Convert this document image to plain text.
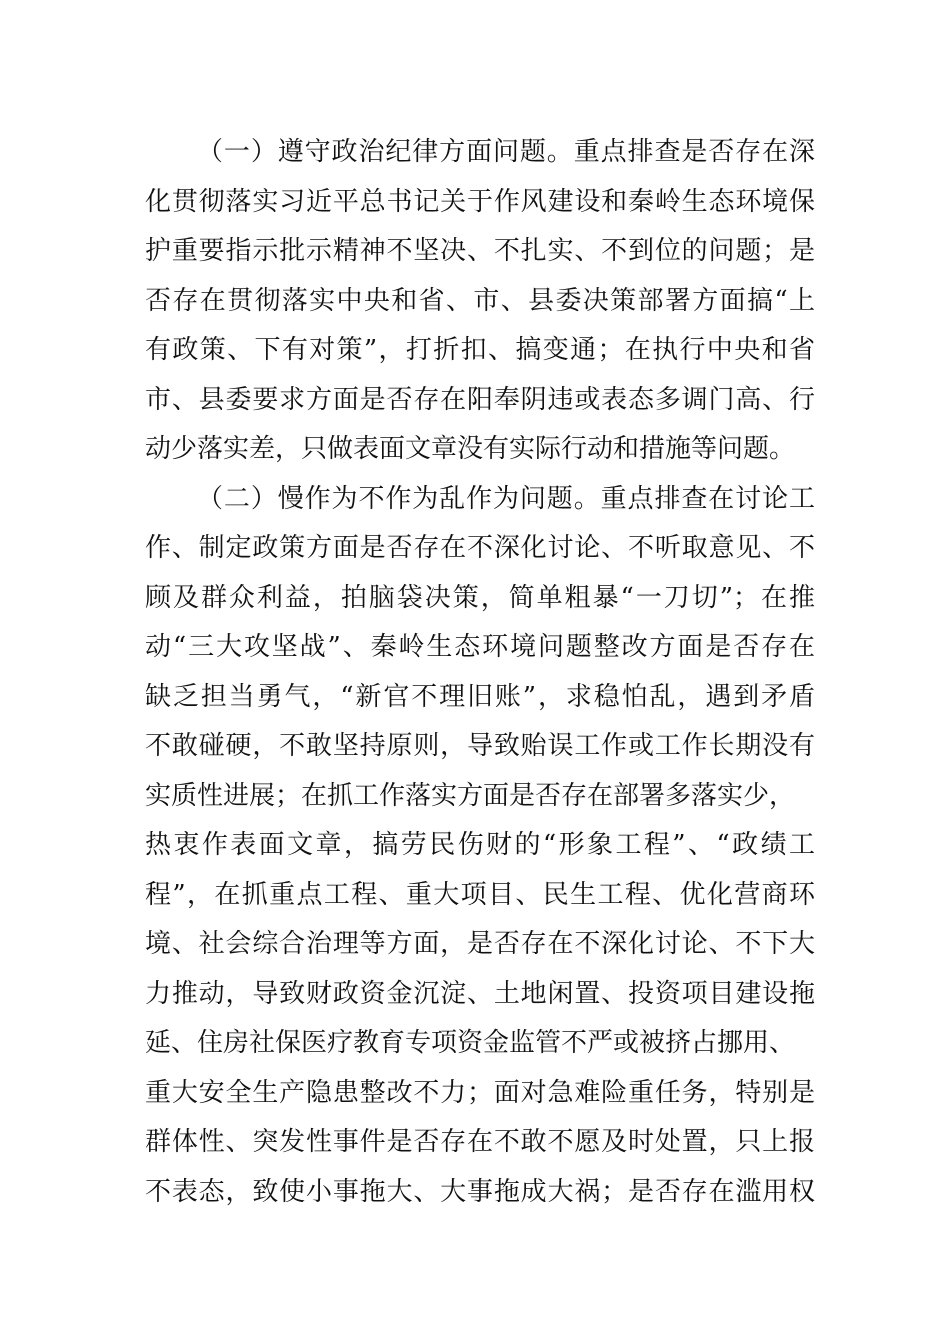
（一）遵守政治纪律方面问题。重点排查是否存在深
化贯彻落实习近平总书记关于作风建设和秦岭生态环境保
护重要指示批示精神不坚决、不扎实、不到位的问题；是
否存在贯彻落实中央和省、市、县委决策部署方面搞“上
有政策、下有对策”，打折扣、搞变通；在执行中央和省
市、县委要求方面是否存在阳奉阴违或表态多调门高、行
动少落实差，只做表面文章没有实际行动和措施等问题。
（二）慢作为不作为乱作为问题。重点排查在讨论工
作、制定政策方面是否存在不深化讨论、不听取意见、不
顾及群众利益，拍脑袋决策，简单粗暴“一刀切”；在推
动“三大攻坚战”、秦岭生态环境问题整改方面是否存在
缺乏担当勇气，“新官不理旧账”，求稳怕乱，遇到矛盾
不敢碰硬，不敢坚持原则，导致贻误工作或工作长期没有
实质性进展；在抓工作落实方面是否存在部署多落实少，
热衷作表面文章，搞劳民伤财的“形象工程”、“政绩工
程”，在抓重点工程、重大项目、民生工程、优化营商环
境、社会综合治理等方面，是否存在不深化讨论、不下大
力推动，导致财政资金沉淀、土地闲置、投资项目建设拖
延、住房社保医疗教育专项资金监管不严或被挤占挪用、
重大安全生产隐患整改不力；面对急难险重任务，特别是
群体性、突发性事件是否存在不敢不愿及时处置，只上报
不表态，致使小事拖大、大事拖成大祸；是否存在滥用权
